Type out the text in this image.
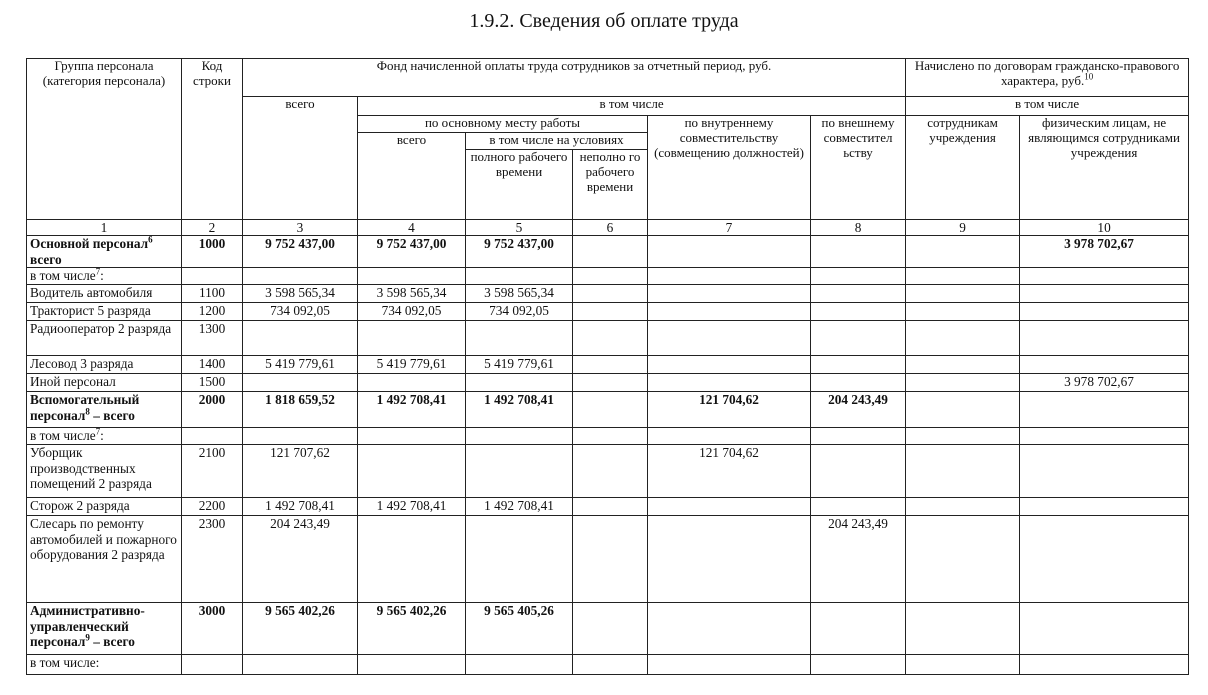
1.9.2. Сведения об оплате труда
Группа персонала (категория персонала)	Код строки	Фонд начисленной оплаты труда сотрудников за отчетный период, руб.						Начислено по договорам гражданско-правового характера, руб.$^{10}$
		всего	в том числе					в том числе	
			по основному месту работы			по внутреннему совместительству (совмещению должностей)	по внешнему совместител ьству	сотрудникам учреждения	физическим лицам, не являющимся сотрудниками учреждения
			всего	в том числе на условиях					
				полного рабочего времени	неполно го рабочего времени				
1	2	3	4	5	6	7	8	9	10
Основной персонал$^6$ всего	1000	9 752 437,00	9 752 437,00	9 752 437,00					3 978 702,67
в том числе$^7$:									
Водитель автомобиля	1100	3 598 565,34	3 598 565,34	3 598 565,34					
Тракторист 5 разряда	1200	734 092,05	734 092,05	734 092,05					
Радиооператор 2 разряда	1300								
Лесовод 3 разряда	1400	5 419 779,61	5 419 779,61	5 419 779,61					
Иной персонал	1500								3 978 702,67
Вспомогательный персонал$^8$ – всего	2000	1 818 659,52	1 492 708,41	1 492 708,41		121 704,62	204 243,49		
в том числе$^7$:									
Уборщик производственных помещений 2 разряда	2100	121 707,62				121 704,62			
Сторож 2 разряда	2200	1 492 708,41	1 492 708,41	1 492 708,41					
Слесарь по ремонту автомобилей и пожарного оборудования 2 разряда	2300	204 243,49					204 243,49		
Административно-управленческий персонал$^9$ – всего	3000	9 565 402,26	9 565 402,26	9 565 405,26					
в том числе:									
